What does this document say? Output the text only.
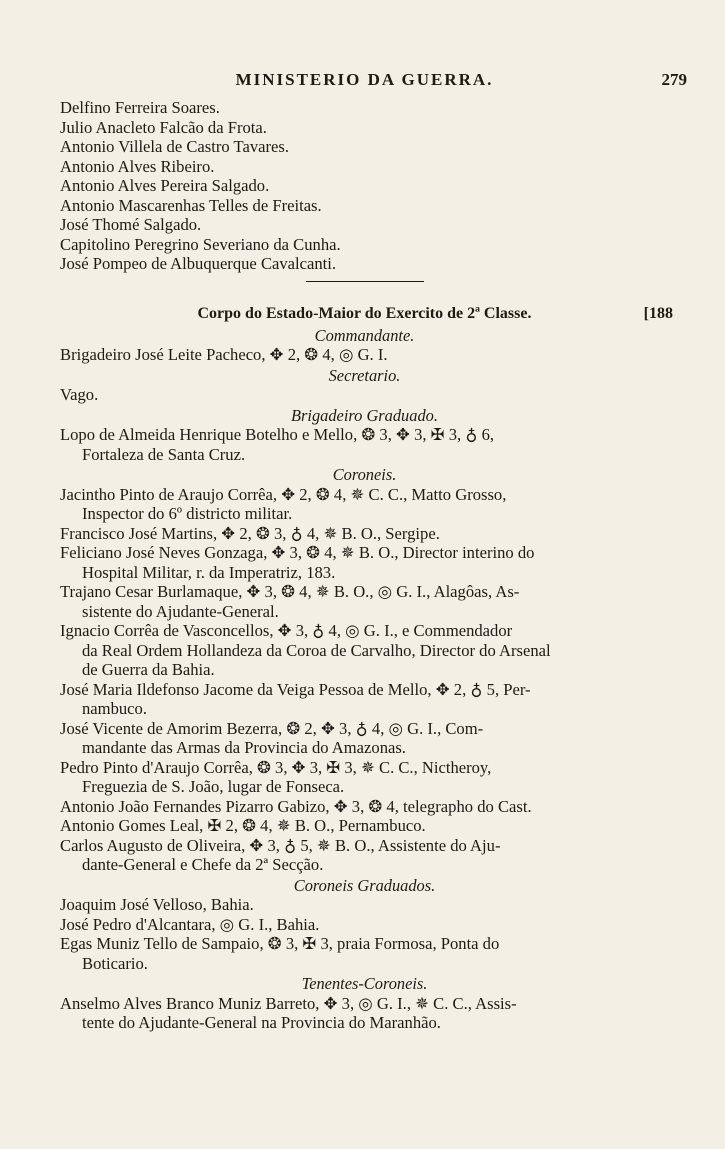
MINISTERIO DA GUERRA.	279
Delfino Ferreira Soares.
Julio Anacleto Falcão da Frota.
Antonio Villela de Castro Tavares.
Antonio Alves Ribeiro.
Antonio Alves Pereira Salgado.
Antonio Mascarenhas Telles de Freitas.
José Thomé Salgado.
Capitolino Peregrino Severiano da Cunha.
José Pompeo de Albuquerque Cavalcanti.
Corpo do Estado-Maior do Exercito de 2ª Classe.	[188
Commandante.
Brigadeiro José Leite Pacheco, ✥ 2, ❂ 4, ◎ G. I.
Secretario.
Vago.
Brigadeiro Graduado.
Lopo de Almeida Henrique Botelho e Mello, ❂ 3, ✥ 3, ✠ 3, ♁ 6,
Fortaleza de Santa Cruz.
Coroneis.
Jacintho Pinto de Araujo Corrêa, ✥ 2, ❂ 4, ✵ C. C., Matto Grosso,
Inspector do 6º districto militar.
Francisco José Martins, ✥ 2, ❂ 3, ♁ 4, ✵ B. O., Sergipe.
Feliciano José Neves Gonzaga, ✥ 3, ❂ 4, ✵ B. O., Director interino do
Hospital Militar, r. da Imperatriz, 183.
Trajano Cesar Burlamaque, ✥ 3, ❂ 4, ✵ B. O., ◎ G. I., Alagôas, As-
sistente do Ajudante-General.
Ignacio Corrêa de Vasconcellos, ✥ 3, ♁ 4, ◎ G. I., e Commendador
da Real Ordem Hollandeza da Coroa de Carvalho, Director do Arsenal
de Guerra da Bahia.
José Maria Ildefonso Jacome da Veiga Pessoa de Mello, ✥ 2, ♁ 5, Per-
nambuco.
José Vicente de Amorim Bezerra, ❂ 2, ✥ 3, ♁ 4, ◎ G. I., Com-
mandante das Armas da Provincia do Amazonas.
Pedro Pinto d'Araujo Corrêa, ❂ 3, ✥ 3, ✠ 3, ✵ C. C., Nictheroy,
Freguezia de S. João, lugar de Fonseca.
Antonio João Fernandes Pizarro Gabizo, ✥ 3, ❂ 4, telegrapho do Cast.
Antonio Gomes Leal, ✠ 2, ❂ 4, ✵ B. O., Pernambuco.
Carlos Augusto de Oliveira, ✥ 3, ♁ 5, ✵ B. O., Assistente do Aju-
dante-General e Chefe da 2ª Secção.
Coroneis Graduados.
Joaquim José Velloso, Bahia.
José Pedro d'Alcantara, ◎ G. I., Bahia.
Egas Muniz Tello de Sampaio, ❂ 3, ✠ 3, praia Formosa, Ponta do
Boticario.
Tenentes-Coroneis.
Anselmo Alves Branco Muniz Barreto, ✥ 3, ◎ G. I., ✵ C. C., Assis-
tente do Ajudante-General na Provincia do Maranhão.
